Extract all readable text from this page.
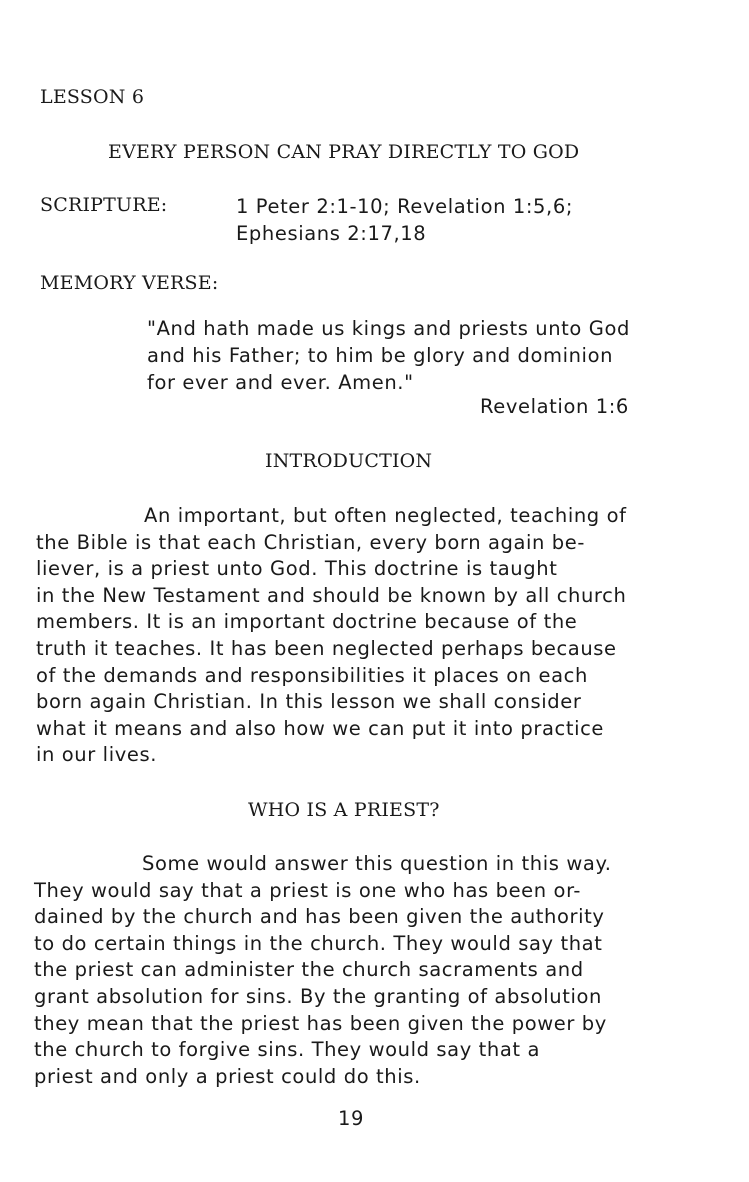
LESSON 6

EVERY PERSON CAN PRAY DIRECTLY TO GOD

SCRIPTURE:	1 Peter 2:1-10; Revelation 1:5,6;
Ephesians 2:17,18

MEMORY VERSE:

"And hath made us kings and priests unto God
and his Father; to him be glory and dominion
for ever and ever. Amen."

Revelation 1:6

INTRODUCTION

An important, but often neglected, teaching of
the Bible is that each Christian, every born again be-
liever, is a priest unto God. This doctrine is taught
in the New Testament and should be known by all church
members. It is an important doctrine because of the
truth it teaches. It has been neglected perhaps because
of the demands and responsibilities it places on each
born again Christian. In this lesson we shall consider
what it means and also how we can put it into practice
in our lives.

WHO IS A PRIEST?

Some would answer this question in this way.
They would say that a priest is one who has been or-
dained by the church and has been given the authority
to do certain things in the church. They would say that
the priest can administer the church sacraments and
grant absolution for sins. By the granting of absolution
they mean that the priest has been given the power by
the church to forgive sins. They would say that a
priest and only a priest could do this.

19
